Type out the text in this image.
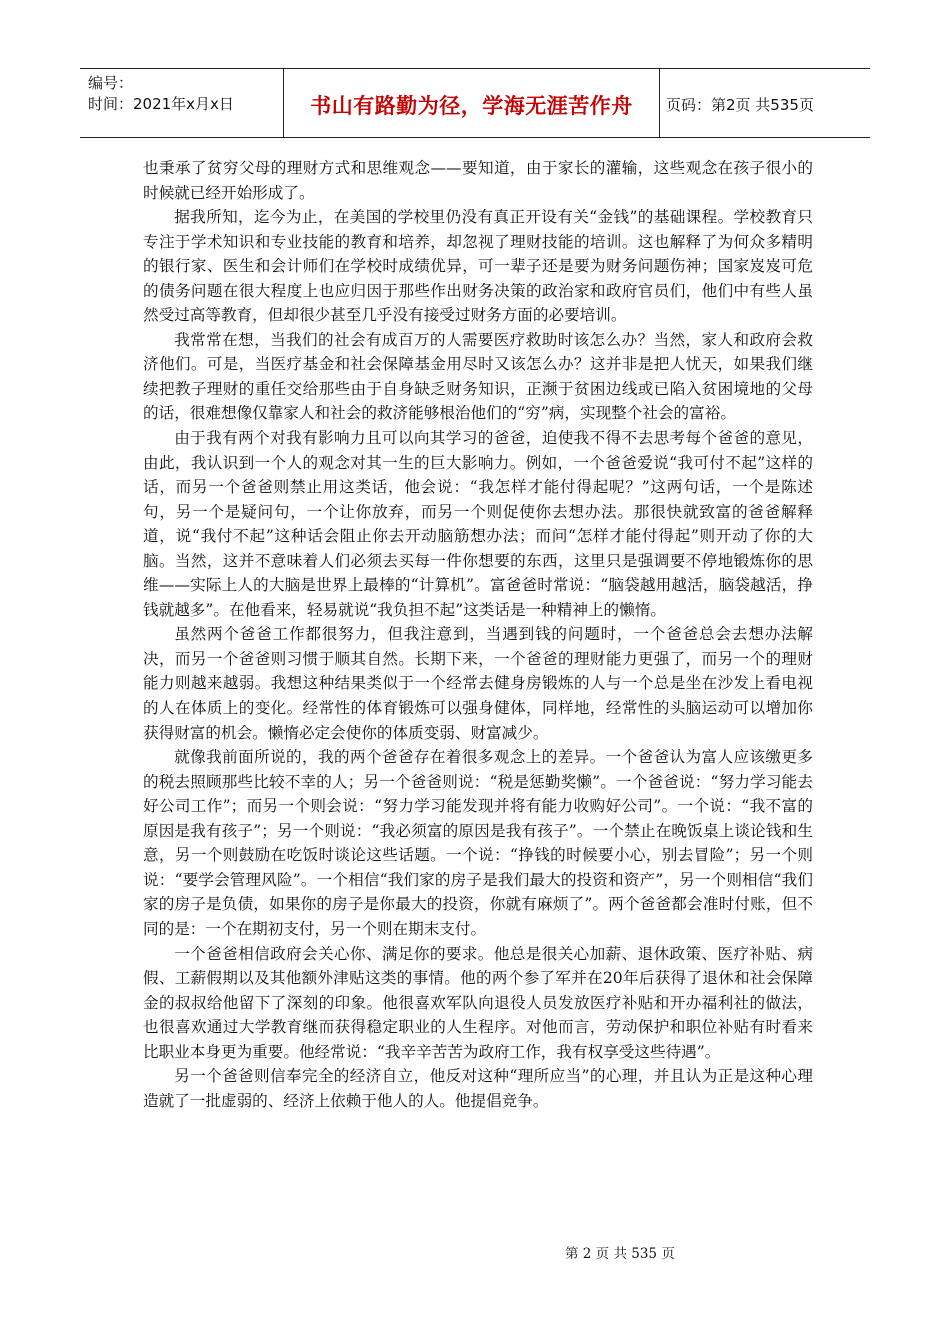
编号：
时间：2021年x月x日	书山有路勤为径，学海无涯苦作舟 页码：第2页 共535页

也秉承了贫穷父母的理财方式和思维观念——要知道，由于家长的灌输，这些观念在孩子很小的时候就已经开始形成了。

据我所知，迄今为止，在美国的学校里仍没有真正开设有关“金钱”的基础课程。学校教育只专注于学术知识和专业技能的教育和培养，却忽视了理财技能的培训。这也解释了为何众多精明的银行家、医生和会计师们在学校时成绩优异，可一辈子还是要为财务问题伤神；国家岌岌可危的债务问题在很大程度上也应归因于那些作出财务决策的政治家和政府官员们，他们中有些人虽然受过高等教育，但却很少甚至几乎没有接受过财务方面的必要培训。

我常常在想，当我们的社会有成百万的人需要医疗救助时该怎么办？当然，家人和政府会救济他们。可是，当医疗基金和社会保障基金用尽时又该怎么办？这并非是把人忧天，如果我们继续把教子理财的重任交给那些由于自身缺乏财务知识，正濒于贫困边线或已陷入贫困境地的父母的话，很难想像仅靠家人和社会的救济能够根治他们的“穷”病，实现整个社会的富裕。

由于我有两个对我有影响力且可以向其学习的爸爸，迫使我不得不去思考每个爸爸的意见，由此，我认识到一个人的观念对其一生的巨大影响力。例如，一个爸爸爱说“我可付不起”这样的话，而另一个爸爸则禁止用这类话，他会说：“我怎样才能付得起呢？”这两句话，一个是陈述句，另一个是疑问句，一个让你放弃，而另一个则促使你去想办法。那很快就致富的爸爸解释道，说“我付不起”这种话会阻止你去开动脑筋想办法；而问“怎样才能付得起”则开动了你的大脑。当然，这并不意味着人们必须去买每一件你想要的东西，这里只是强调要不停地锻炼你的思维——实际上人的大脑是世界上最棒的“计算机”。富爸爸时常说：“脑袋越用越活，脑袋越活，挣钱就越多”。在他看来，轻易就说“我负担不起”这类话是一种精神上的懒惰。

虽然两个爸爸工作都很努力，但我注意到，当遇到钱的问题时，一个爸爸总会去想办法解决，而另一个爸爸则习惯于顺其自然。长期下来，一个爸爸的理财能力更强了，而另一个的理财能力则越来越弱。我想这种结果类似于一个经常去健身房锻炼的人与一个总是坐在沙发上看电视的人在体质上的变化。经常性的体育锻炼可以强身健体，同样地，经常性的头脑运动可以增加你获得财富的机会。懒惰必定会使你的体质变弱、财富减少。

就像我前面所说的，我的两个爸爸存在着很多观念上的差异。一个爸爸认为富人应该缴更多的税去照顾那些比较不幸的人；另一个爸爸则说：“税是惩勤奖懒”。一个爸爸说：“努力学习能去好公司工作”；而另一个则会说：“努力学习能发现并将有能力收购好公司”。一个说：“我不富的原因是我有孩子”；另一个则说：“我必须富的原因是我有孩子”。一个禁止在晚饭桌上谈论钱和生意，另一个则鼓励在吃饭时谈论这些话题。一个说：“挣钱的时候要小心，别去冒险”；另一个则说：“要学会管理风险”。一个相信“我们家的房子是我们最大的投资和资产”，另一个则相信“我们家的房子是负债，如果你的房子是你最大的投资，你就有麻烦了”。两个爸爸都会准时付账，但不同的是：一个在期初支付，另一个则在期末支付。

一个爸爸相信政府会关心你、满足你的要求。他总是很关心加薪、退休政策、医疗补贴、病假、工薪假期以及其他额外津贴这类的事情。他的两个参了军并在20年后获得了退休和社会保障金的叔叔给他留下了深刻的印象。他很喜欢军队向退役人员发放医疗补贴和开办福利社的做法，也很喜欢通过大学教育继而获得稳定职业的人生程序。对他而言，劳动保护和职位补贴有时看来比职业本身更为重要。他经常说：“我辛辛苦苦为政府工作，我有权享受这些待遇”。

另一个爸爸则信奉完全的经济自立，他反对这种“理所应当”的心理，并且认为正是这种心理造就了一批虚弱的、经济上依赖于他人的人。他提倡竞争。

第 2 页 共 535 页
